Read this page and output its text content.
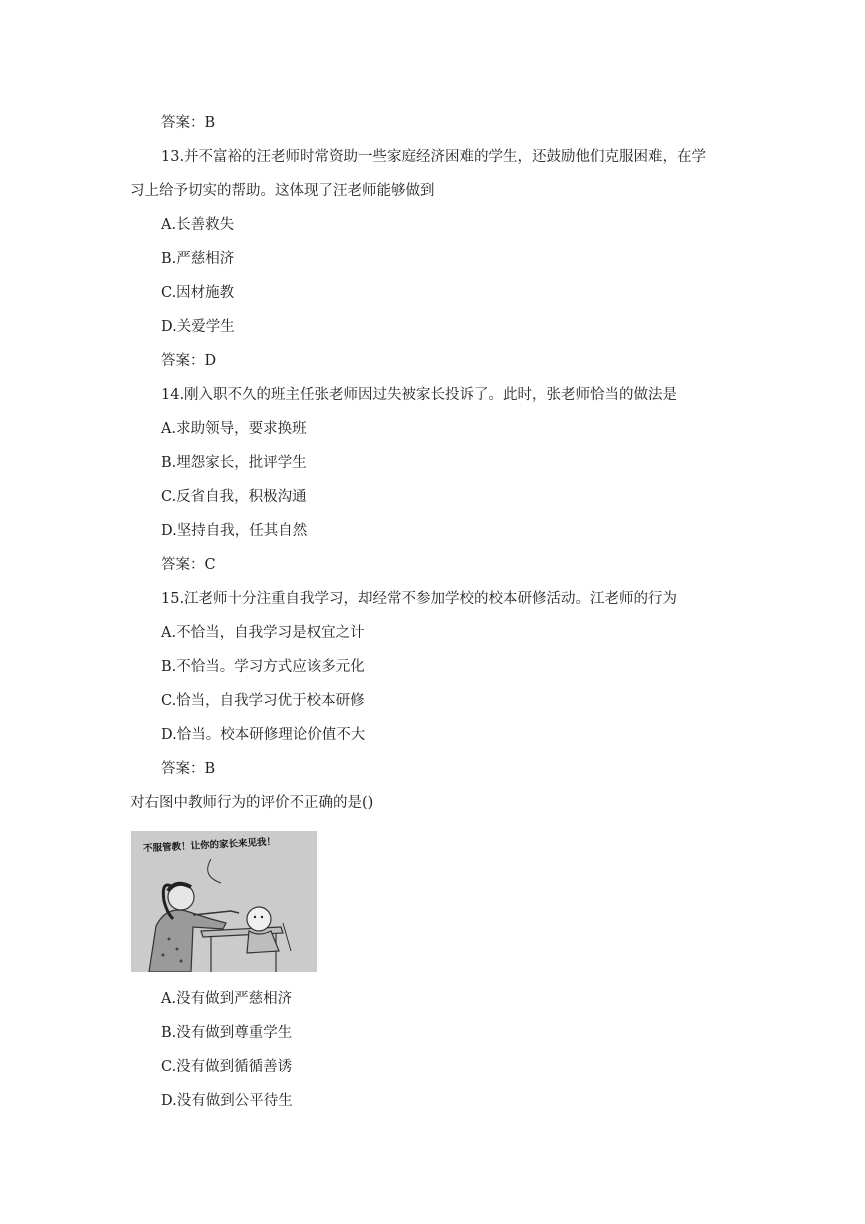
答案：B
13.并不富裕的汪老师时常资助一些家庭经济困难的学生，还鼓励他们克服困难，在学
习上给予切实的帮助。这体现了汪老师能够做到
A.长善救失
B.严慈相济
C.因材施教
D.关爱学生
答案：D
14.刚入职不久的班主任张老师因过失被家长投诉了。此时，张老师恰当的做法是
A.求助领导，要求换班
B.埋怨家长，批评学生
C.反省自我，积极沟通
D.坚持自我，任其自然
答案：C
15.江老师十分注重自我学习，却经常不参加学校的校本研修活动。江老师的行为
A.不恰当，自我学习是权宜之计
B.不恰当。学习方式应该多元化
C.恰当，自我学习优于校本研修
D.恰当。校本研修理论价值不大
答案：B
对右图中教师行为的评价不正确的是()
不服管教！让你的家长来见我！
A.没有做到严慈相济
B.没有做到尊重学生
C.没有做到循循善诱
D.没有做到公平待生
